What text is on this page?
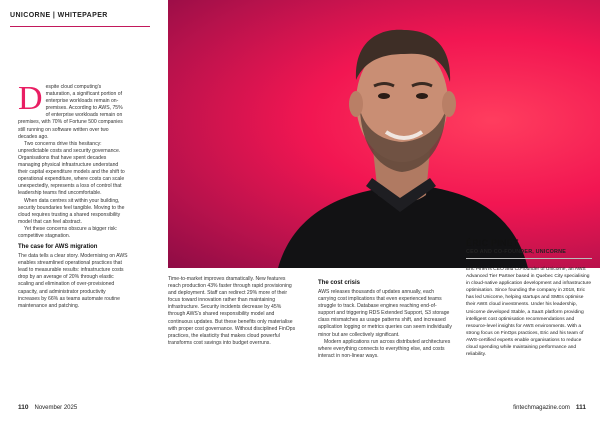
UNICORNE | WHITEPAPER

Despite cloud computing's maturation, a significant portion of enterprise workloads remain on-premises. According to AWS, 75% of enterprise workloads remain on premises, with 70% of Fortune 500 companies still running on software written over two decades ago.

Two concerns drive this hesitancy: unpredictable costs and security governance. Organisations that have spent decades managing physical infrastructure understand their capital expenditure models and the shift to operational expenditure, where costs can scale unexpectedly, represents a loss of control that leadership teams find uncomfortable.

When data centres sit within your building, security boundaries feel tangible. Moving to the cloud requires trusting a shared responsibility model that can feel abstract.

Yet these concerns obscure a bigger risk: competitive stagnation.

The case for AWS migration

The data tells a clear story. Modernising on AWS enables streamlined operational practices that lead to measurable results: infrastructure costs drop by an average of 20% through elastic scaling and elimination of over-provisioned capacity, and administrator productivity increases by 66% as teams automate routine maintenance and patching.

Time-to-market improves dramatically. New features reach production 43% faster through rapid provisioning and deployment. Staff can redirect 29% more of their focus toward innovation rather than maintaining infrastructure. Security incidents decrease by 45% through AWS's shared responsibility model and continuous updates. But these benefits only materialise with proper cost governance. Without disciplined FinOps practices, the elasticity that makes cloud powerful transforms cost savings into budget overruns.

The cost crisis

AWS releases thousands of updates annually, each carrying cost implications that even experienced teams struggle to track. Database engines reaching end-of-support and triggering RDS Extended Support, S3 storage class mismatches as usage patterns shift, and increased application logging or metrics queries can seem individually minor but are collectively significant.

Modern applications run across distributed architectures where everything connects to everything else, and costs interact in non-linear ways.

ÉRIC PINET
CEO AND CO-FOUNDER, UNICORNE
Éric Pinet is CEO and Co-founder of Unicorne, an AWS Advanced Tier Partner based in Quebec City specialising in cloud-native application development and infrastructure optimisation. Since founding the company in 2018, Eric has led Unicorne, helping startups and SMEs optimise their AWS cloud investments. Under his leadership, Unicorne developed Stable, a SaaS platform providing intelligent cost optimisation recommendations and resource-level insights for AWS environments. With a strong focus on FinOps practices, Eric and his team of AWS-certified experts enable organisations to reduce cloud spending while maintaining performance and reliability.
110 November 2025	fintechmagazine.com 111
